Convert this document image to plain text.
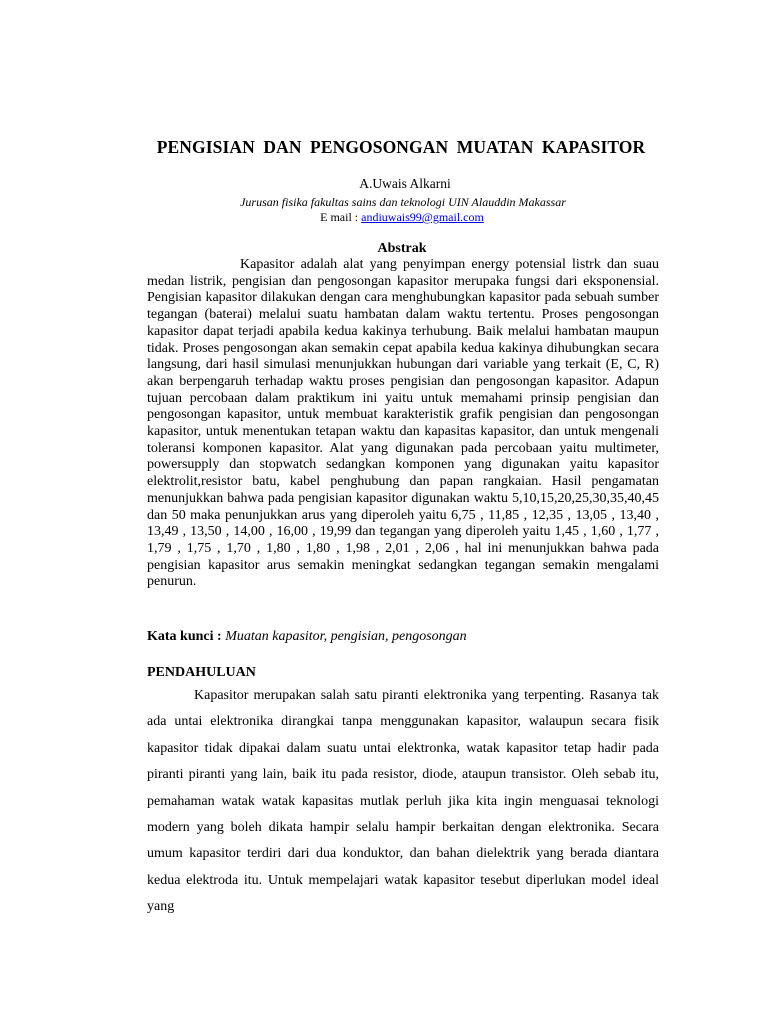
PENGISIAN DAN PENGOSONGAN MUATAN KAPASITOR
A.Uwais Alkarni
Jurusan fisika fakultas sains dan teknologi UIN Alauddin Makassar
E mail : andiuwais99@gmail.com
Abstrak

Kapasitor adalah alat yang penyimpan energy potensial listrk dan suau medan listrik, pengisian dan pengosongan kapasitor merupaka fungsi dari eksponensial. Pengisian kapasitor dilakukan dengan cara menghubungkan kapasitor pada sebuah sumber tegangan (baterai) melalui suatu hambatan dalam waktu tertentu. Proses pengosongan kapasitor dapat terjadi apabila kedua kakinya terhubung. Baik melalui hambatan maupun tidak. Proses pengosongan akan semakin cepat apabila kedua kakinya dihubungkan secara langsung, dari hasil simulasi menunjukkan hubungan dari variable yang terkait (E, C, R) akan berpengaruh terhadap waktu proses pengisian dan pengosongan kapasitor. Adapun tujuan percobaan dalam praktikum ini yaitu untuk memahami prinsip pengisian dan pengosongan kapasitor, untuk membuat karakteristik grafik pengisian dan pengosongan kapasitor, untuk menentukan tetapan waktu dan kapasitas kapasitor, dan untuk mengenali toleransi komponen kapasitor. Alat yang digunakan pada percobaan yaitu multimeter, powersupply dan stopwatch sedangkan komponen yang digunakan yaitu kapasitor elektrolit,resistor batu, kabel penghubung dan papan rangkaian. Hasil pengamatan menunjukkan bahwa pada pengisian kapasitor digunakan waktu 5,10,15,20,25,30,35,40,45 dan 50 maka penunjukkan arus yang diperoleh yaitu 6,75 , 11,85 , 12,35 , 13,05 , 13,40 , 13,49 , 13,50 , 14,00 , 16,00 , 19,99 dan tegangan yang diperoleh yaitu 1,45 , 1,60 , 1,77 , 1,79 , 1,75 , 1,70 , 1,80 , 1,80 , 1,98 , 2,01 , 2,06 , hal ini menunjukkan bahwa pada pengisian kapasitor arus semakin meningkat sedangkan tegangan semakin mengalami penurun.

Kata kunci : Muatan kapasitor, pengisian, pengosongan
PENDAHULUAN

Kapasitor merupakan salah satu piranti elektronika yang terpenting. Rasanya tak ada untai elektronika dirangkai tanpa menggunakan kapasitor, walaupun secara fisik kapasitor tidak dipakai dalam suatu untai elektronka, watak kapasitor tetap hadir pada piranti piranti yang lain, baik itu pada resistor, diode, ataupun transistor. Oleh sebab itu, pemahaman watak watak kapasitas mutlak perluh jika kita ingin menguasai teknologi modern yang boleh dikata hampir selalu hampir berkaitan dengan elektronika. Secara umum kapasitor terdiri dari dua konduktor, dan bahan dielektrik yang berada diantara kedua elektroda itu. Untuk mempelajari watak kapasitor tesebut diperlukan model ideal yang
